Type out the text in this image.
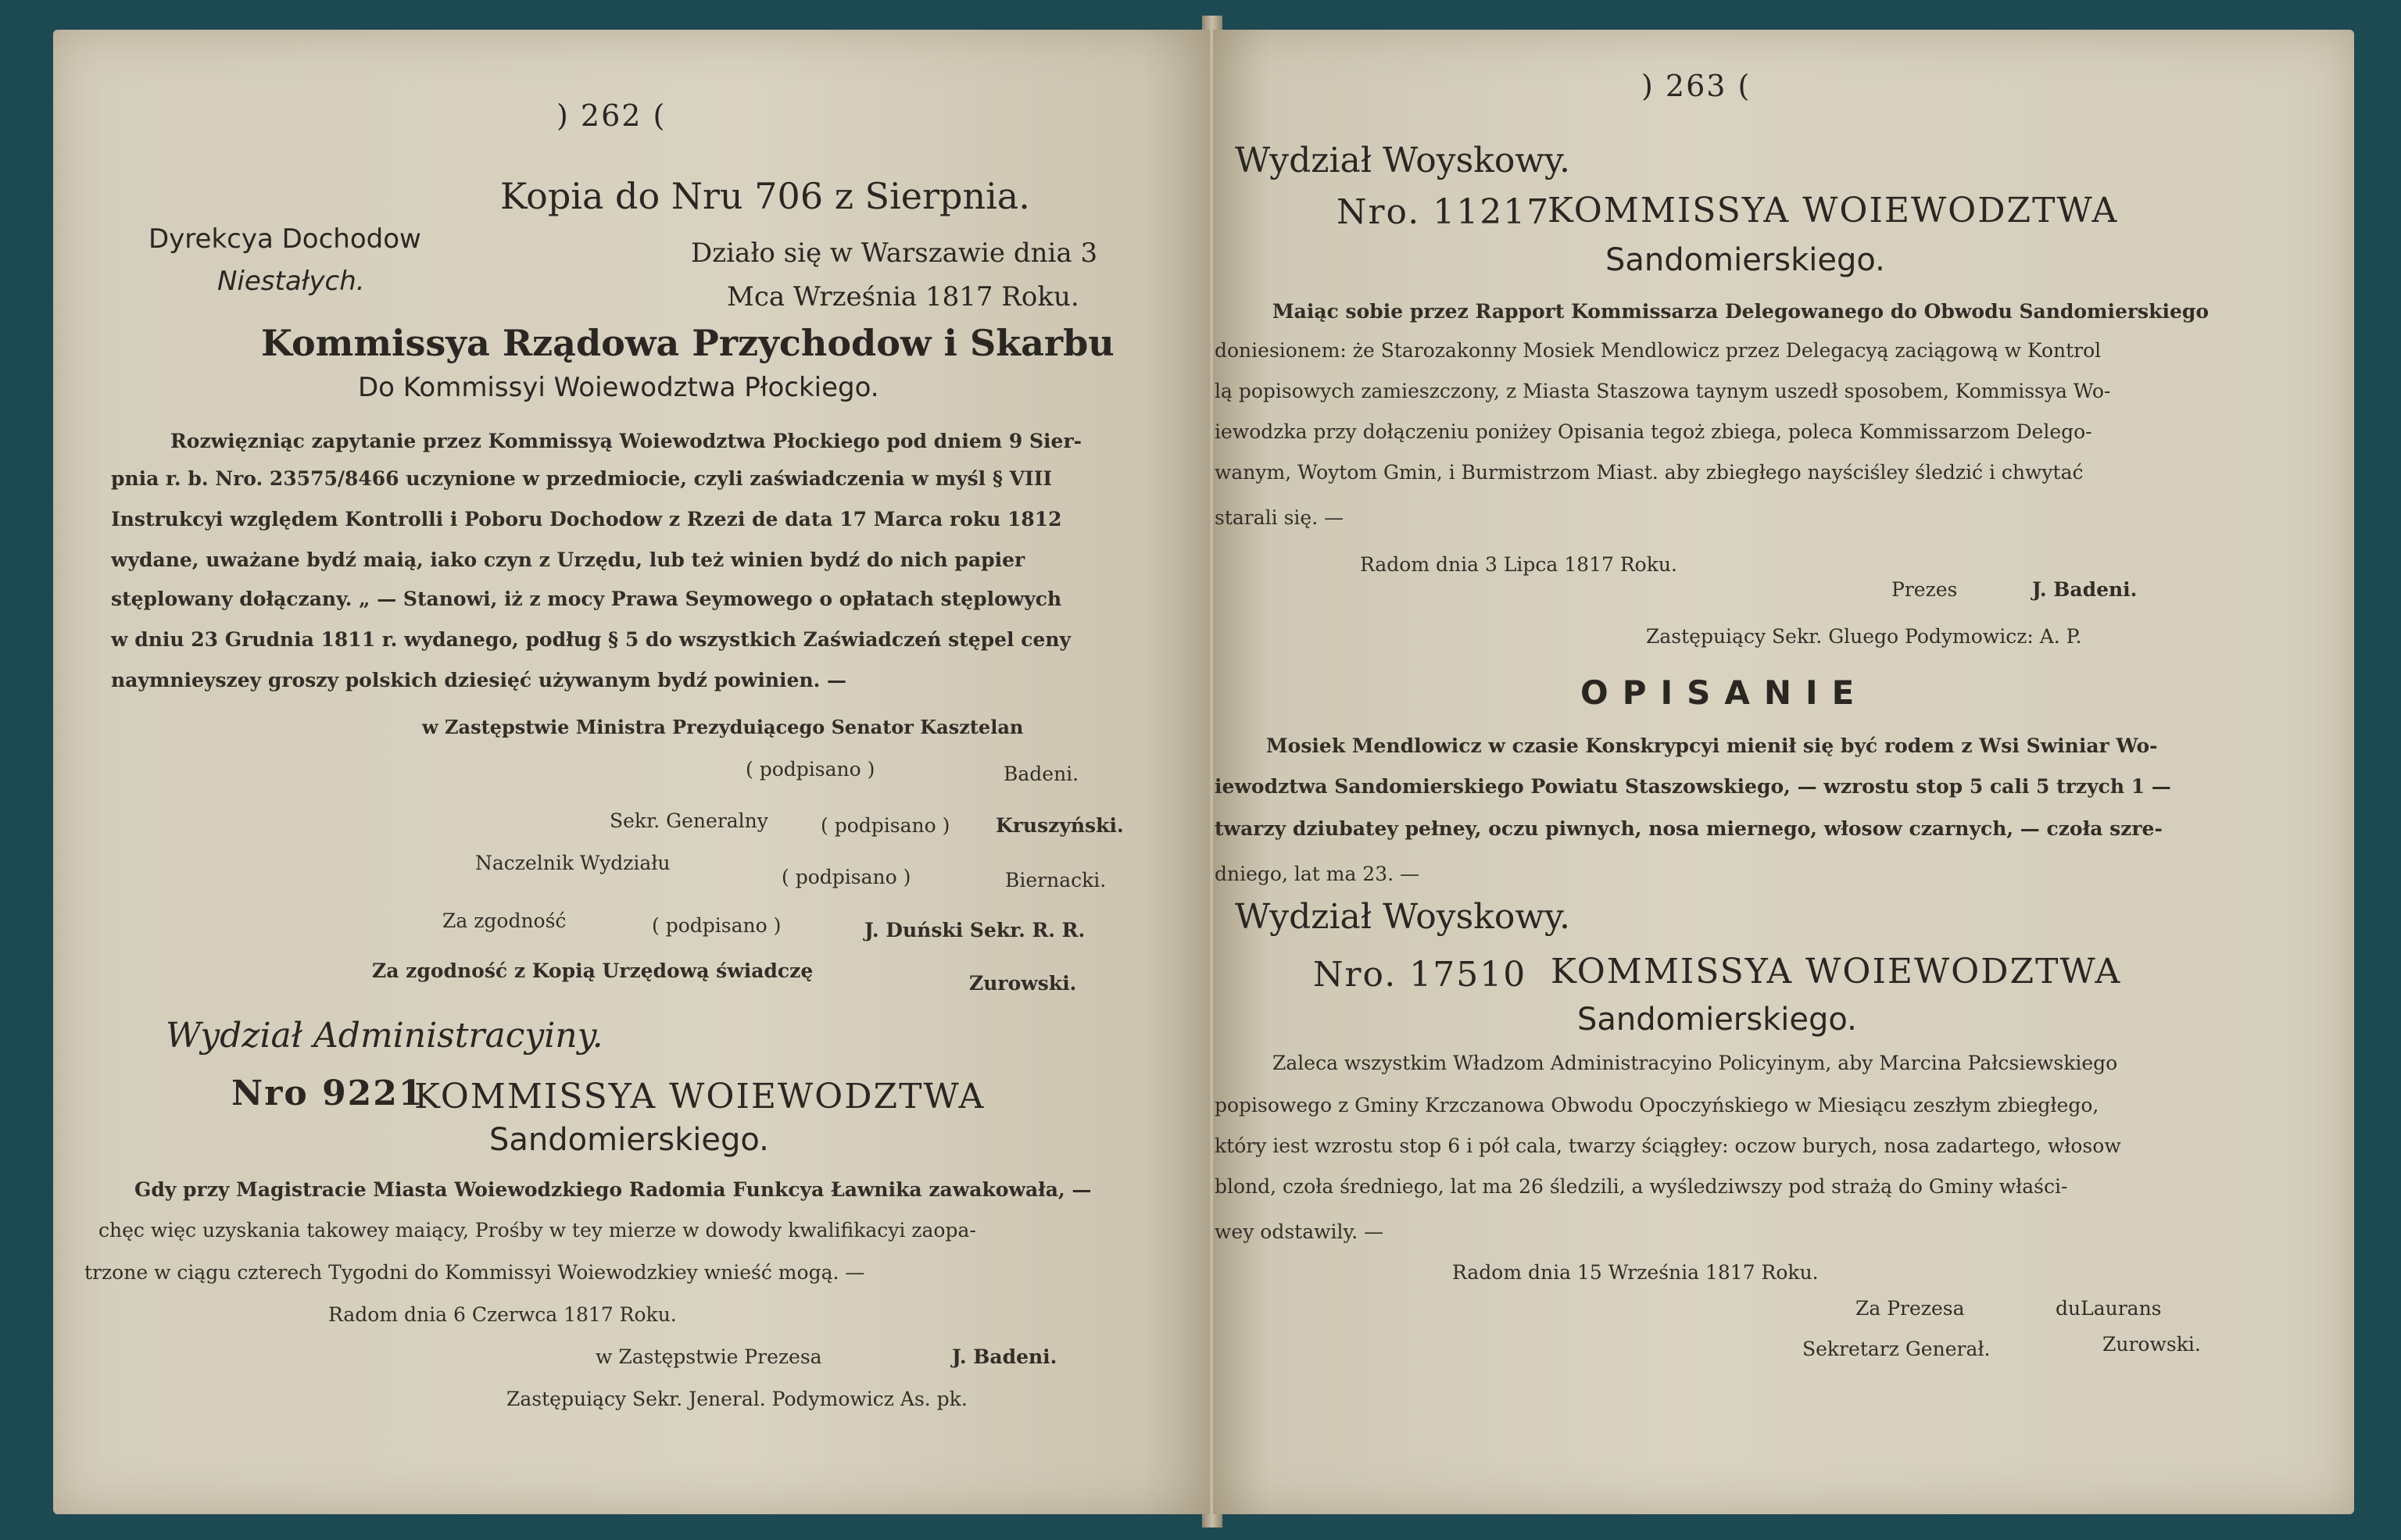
) 262 (
Kopia do Nru 706 z Sierpnia.
Dyrekcya Dochodow
Niestałych.
Działo się w Warszawie dnia 3
Mca Września 1817 Roku.
Kommissya Rządowa Przychodow i Skarbu
Do Kommissyi Woiewodztwa Płockiego.
Rozwięzniąc zapytanie przez Kommissyą Woiewodztwa Płockiego pod dniem 9 Sier-
pnia r. b. Nro. 23575/8466 uczynione w przedmiocie, czyli zaświadczenia w myśl § VIII
Instrukcyi względem Kontrolli i Poboru Dochodow z Rzezi de data 17 Marca roku 1812
wydane, uważane bydź maią, iako czyn z Urzędu, lub też winien bydź do nich papier
stęplowany dołączany. „ — Stanowi, iż z mocy Prawa Seymowego o opłatach stęplowych
w dniu 23 Grudnia 1811 r. wydanego, podług § 5 do wszystkich Zaświadczeń stępel ceny
naymnieyszey groszy polskich dziesięć używanym bydź powinien. —
w Zastępstwie Ministra Prezyduiącego Senator Kasztelan
( podpisano )	Badeni.
Sekr. Generalny	( podpisano ) Kruszyński.
Naczelnik Wydziału
( podpisano )	Biernacki.
Za zgodność	( podpisano )	J. Duński Sekr. R. R.
Za zgodność z Kopią Urzędową świadczę
Zurowski.
Wydział Administracyiny.
Nro 9221
KOMMISSYA WOIEWODZTWA
Sandomierskiego.
Gdy przy Magistracie Miasta Woiewodzkiego Radomia Funkcya Ławnika zawakowała, —
chęc więc uzyskania takowey maiący, Prośby w tey mierze w dowody kwalifikacyi zaopa-
trzone w ciągu czterech Tygodni do Kommissyi Woiewodzkiey wnieść mogą. —
Radom dnia 6 Czerwca 1817 Roku.
w Zastępstwie Prezesa	J. Badeni.
Zastępuiący Sekr. Jeneral. Podymowicz As. pk.
) 263 (
Wydział Woyskowy.
Nro. 11217
KOMMISSYA WOIEWODZTWA
Sandomierskiego.
Maiąc sobie przez Rapport Kommissarza Delegowanego do Obwodu Sandomierskiego
doniesionem: że Starozakonny Mosiek Mendlowicz przez Delegacyą zaciągową w Kontrol
lą popisowych zamieszczony, z Miasta Staszowa taynym uszedł sposobem, Kommissya Wo-
iewodzka przy dołączeniu poniżey Opisania tegoż zbiega, poleca Kommissarzom Delego-
wanym, Woytom Gmin, i Burmistrzom Miast. aby zbiegłego nayściśley śledzić i chwytać
starali się. —
Radom dnia 3 Lipca 1817 Roku.
Prezes	J. Badeni.
Zastępuiący Sekr. Gluego Podymowicz: A. P.
OPISANIE
Mosiek Mendlowicz w czasie Konskrypcyi mienił się być rodem z Wsi Swiniar Wo-
iewodztwa Sandomierskiego Powiatu Staszowskiego, — wzrostu stop 5 cali 5 trzych 1 —
twarzy dziubatey pełney, oczu piwnych, nosa miernego, włosow czarnych, — czoła szre-
dniego, lat ma 23. —
Wydział Woyskowy.
Nro. 17510 KOMMISSYA WOIEWODZTWA
Sandomierskiego.
Zaleca wszystkim Władzom Administracyino Policyinym, aby Marcina Pałcsiewskiego
popisowego z Gminy Krzczanowa Obwodu Opoczyńskiego w Miesiącu zeszłym zbiegłego,
który iest wzrostu stop 6 i pół cala, twarzy ściągłey: oczow burych, nosa zadartego, włosow
blond, czoła średniego, lat ma 26 śledzili, a wyśledziwszy pod strażą do Gminy właści-
wey odstawily. —
Radom dnia 15 Września 1817 Roku.
Za Prezesa	duLaurans
Sekretarz Generał.	Zurowski.
